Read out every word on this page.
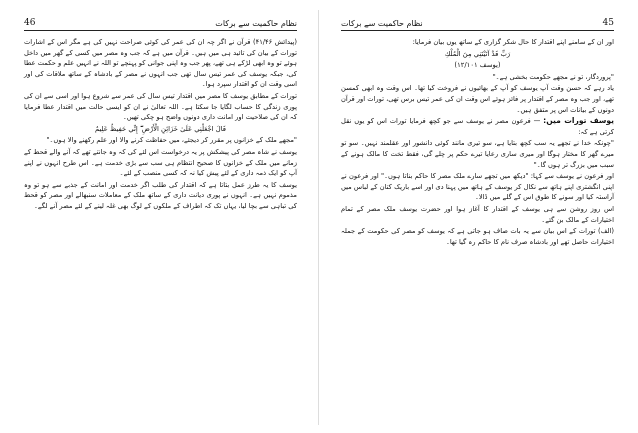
46	نظام حاکمیت سے برکات

(پیدائش ۴۱/۴۶) قرآن نے اگر چہ ان کی عمر کی کوئی صراحت نہیں کی ہے مگر اس کے اشارات تورات کے بیان کی تائید ہی میں ہیں۔ قرآن میں ہے کہ جب وہ مصر میں کسی کے گھر میں داخل ہوئے تو وہ ابھی لڑکے ہی تھے، پھر جب وہ اپنی جوانی کو پہنچے تو اللہ نے انہیں علم و حکمت عطا کی، جبکہ یوسف کی عمر تیس سال تھی جب انہوں نے مصر کے بادشاہ کے ساتھ ملاقات کی اور اسی وقت ان کو اقتدار سپرد ہوا۔

تورات کے مطابق یوسف کا مصر میں اقتدار تیس سال کی عمر سے شروع ہوا اور اسی سے ان کی پوری زندگی کا حساب لگایا جا سکتا ہے۔ اللہ تعالیٰ نے ان کو ایسی حالت میں اقتدار عطا فرمایا کہ ان کی صلاحیت اور امانت داری دونوں واضح ہو چکی تھیں۔

قَالَ اجْعَلْنِي عَلَىٰ خَزَائِنِ الْأَرْضِ ۖ إِنِّي حَفِيظٌ عَلِيمٌ

"مجھے ملک کے خزانوں پر مقرر کر دیجئے، میں حفاظت کرنے والا اور علم رکھنے والا ہوں۔"

یوسف نے شاہ مصر کی پیشکش پر یہ درخواست اس لئے کی کہ وہ جانتے تھے کہ آنے والے قحط کے زمانے میں ملک کے خزانوں کا صحیح انتظام ہی سب سے بڑی خدمت ہے۔ اس طرح انہوں نے اپنے آپ کو ایک ذمہ داری کے لئے پیش کیا نہ کہ کسی منصب کے لئے۔

یوسف کا یہ طرز عمل بتاتا ہے کہ اقتدار کی طلب اگر خدمت اور امانت کے جذبے سے ہو تو وہ مذموم نہیں ہے۔ انہوں نے پوری دیانت داری کے ساتھ ملک کے معاملات سنبھالے اور مصر کو قحط کی تباہی سے بچا لیا، یہاں تک کہ اطراف کے ملکوں کے لوگ بھی غلہ لینے کے لئے مصر آنے لگے۔

نظام حاکمیت سے برکات	45

اور ان کے سامنے اپنے اقتدار کا حال شکر گزاری کے ساتھ یوں بیان فرمایا:

رَبِّ قَدْ آتَيْتَنِي مِنَ الْمُلْكِ
(یوسف ۱۲/۱۰۱)

"پروردگار، تو نے مجھے حکومت بخشی ہے۔"

یاد رہے کہ حسن وقت آپ یوسف کو آپ کے بھائیوں نے فروخت کیا تھا۔ اس وقت وہ ابھی کمسن تھے، اور جب وہ مصر کے اقتدار پر فائز ہوئے اس وقت ان کی عمر تیس برس تھی، تورات اور قرآن دونوں کے بیانات اس پر متفق ہیں۔

یوسف تورات میں: — فرعون مصر نے یوسف سے جو کچھ فرمایا تورات اس کو یوں نقل کرتی ہے کہ:

"چونکہ خدا نے تجھے یہ سب کچھ بتایا ہے، سو تیری مانند کوئی دانشور اور عقلمند نہیں۔ سو تو میرے گھر کا مختار ہوگا اور میری ساری رعایا تیرے حکم پر چلے گی، فقط تخت کا مالک ہونے کے سبب میں بزرگ تر ہوں گا۔"

اور فرعون نے یوسف سے کہا: "دیکھ میں تجھے سارے ملک مصر کا حاکم بناتا ہوں۔" اور فرعون نے اپنی انگشتری اپنے ہاتھ سے نکال کر یوسف کے ہاتھ میں پہنا دی اور اسے باریک کتان کے لباس میں آراستہ کیا اور سونے کا طوق اس کے گلے میں ڈالا۔

اس روز روشن سے ہی یوسف کے اقتدار کا آغاز ہوا اور حضرت یوسف ملک مصر کے تمام اختیارات کے مالک بن گئے۔

(الف) تورات کے اس بیان سے یہ بات صاف ہو جاتی ہے کہ یوسف کو مصر کی حکومت کے جملہ اختیارات حاصل تھے اور بادشاہ صرف نام کا حاکم رہ گیا تھا۔
